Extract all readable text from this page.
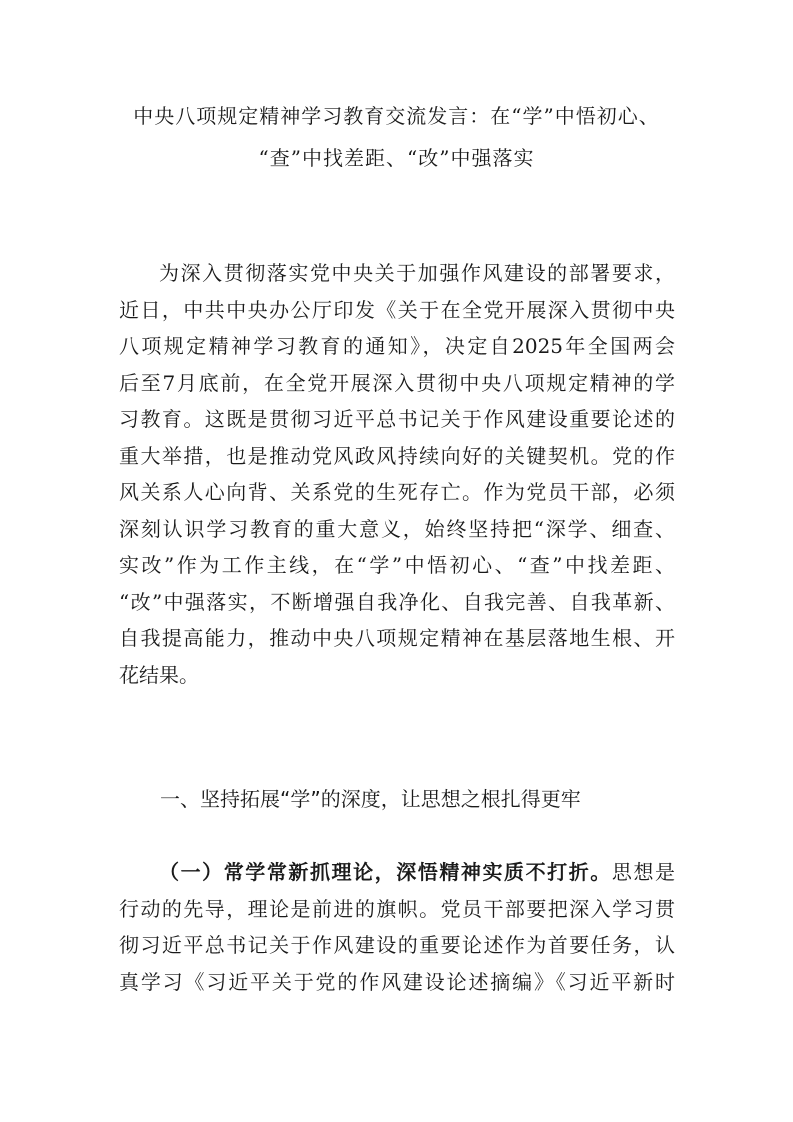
中央八项规定精神学习教育交流发言：在“学”中悟初心、
“查”中找差距、“改”中强落实
为深入贯彻落实党中央关于加强作风建设的部署要求，
近日，中共中央办公厅印发《关于在全党开展深入贯彻中央
八项规定精神学习教育的通知》，决定自2025年全国两会
后至7月底前，在全党开展深入贯彻中央八项规定精神的学
习教育。这既是贯彻习近平总书记关于作风建设重要论述的
重大举措，也是推动党风政风持续向好的关键契机。党的作
风关系人心向背、关系党的生死存亡。作为党员干部，必须
深刻认识学习教育的重大意义，始终坚持把“深学、细查、
实改”作为工作主线，在“学”中悟初心、“查”中找差距、
“改”中强落实，不断增强自我净化、自我完善、自我革新、
自我提高能力，推动中央八项规定精神在基层落地生根、开
花结果。
一、坚持拓展“学”的深度，让思想之根扎得更牢
（一）常学常新抓理论，深悟精神实质不打折。思想是
行动的先导，理论是前进的旗帜。党员干部要把深入学习贯
彻习近平总书记关于作风建设的重要论述作为首要任务，认
真学习《习近平关于党的作风建设论述摘编》《习近平新时
